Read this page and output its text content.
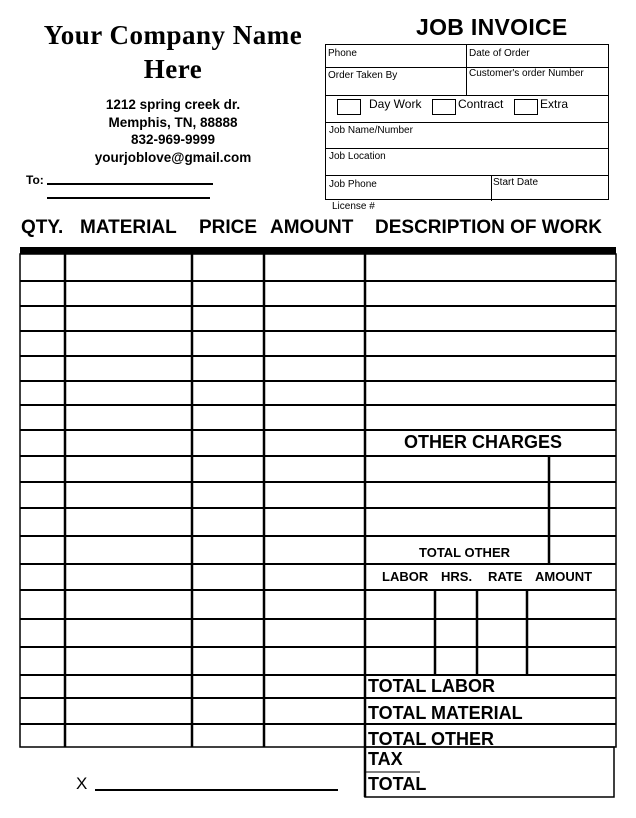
Your Company Name
Here
1212 spring creek dr.
Memphis, TN, 88888
832-969-9999
yourjoblove@gmail.com
To:
JOB INVOICE
Phone	Date of Order
Order Taken By	Customer's order Number
Day Work	Contract	Extra
Job Name/Number
Job Location
Job Phone	Start Date
License #
QTY. MATERIAL PRICE AMOUNT DESCRIPTION OF WORK
OTHER CHARGES
TOTAL OTHER
LABOR HRS. RATE AMOUNT
TOTAL LABOR
TOTAL MATERIAL
TOTAL OTHER
TAX
TOTAL
X
